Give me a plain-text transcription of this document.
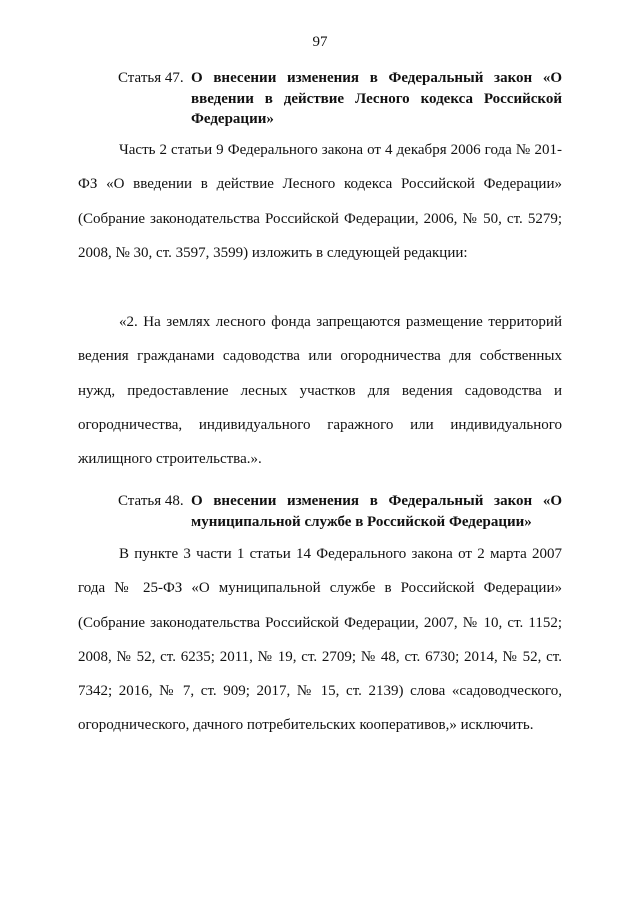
97
Статья 47. О внесении изменения в Федеральный закон «О введении в действие Лесного кодекса Российской Федерации»

Часть 2 статьи 9 Федерального закона от 4 декабря 2006 года № 201-ФЗ «О введении в действие Лесного кодекса Российской Федерации» (Собрание законодательства Российской Федерации, 2006, № 50, ст. 5279; 2008, № 30, ст. 3597, 3599) изложить в следующей редакции:

«2. На землях лесного фонда запрещаются размещение территорий ведения гражданами садоводства или огородничества для собственных нужд, предоставление лесных участков для ведения садоводства и огородничества, индивидуального гаражного или индивидуального жилищного строительства.».

Статья 48. О внесении изменения в Федеральный закон «О муниципальной службе в Российской Федерации»

В пункте 3 части 1 статьи 14 Федерального закона от 2 марта 2007 года № 25-ФЗ «О муниципальной службе в Российской Федерации» (Собрание законодательства Российской Федерации, 2007, № 10, ст. 1152; 2008, № 52, ст. 6235; 2011, № 19, ст. 2709; № 48, ст. 6730; 2014, № 52, ст. 7342; 2016, № 7, ст. 909; 2017, № 15, ст. 2139) слова «садоводческого, огороднического, дачного потребительских кооперативов,» исключить.
